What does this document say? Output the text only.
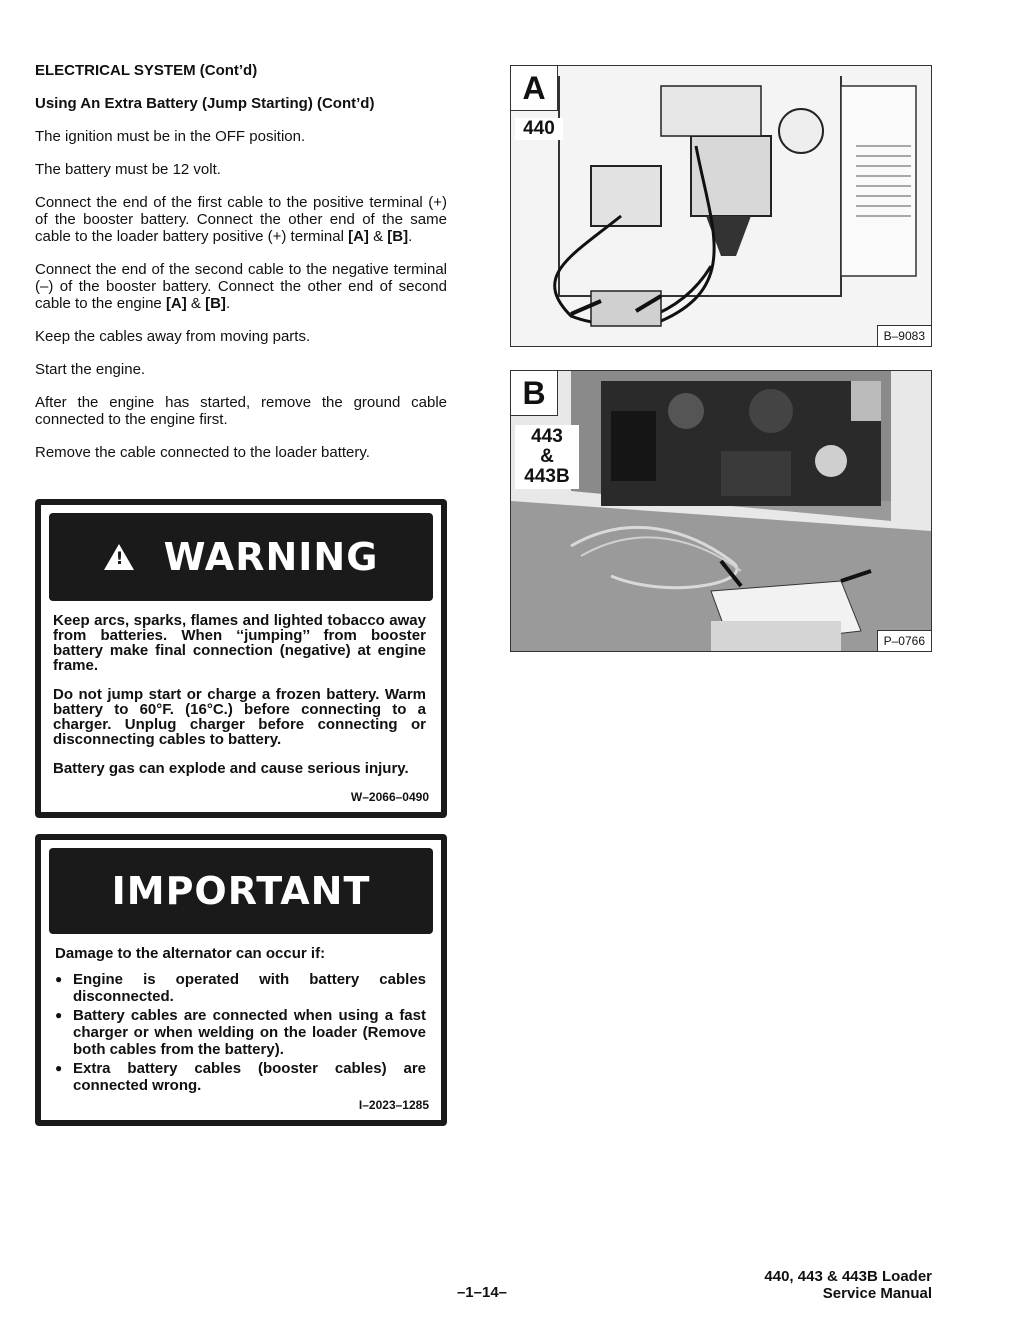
ELECTRICAL SYSTEM (Cont’d)
Using An Extra Battery (Jump Starting) (Cont’d)

The ignition must be in the OFF position.

The battery must be 12 volt.

Connect the end of the first cable to the positive terminal (+) of the booster battery. Connect the other end of the same cable to the loader battery positive (+) terminal [A] & [B].

Connect the end of the second cable to the negative terminal (–) of the booster battery. Connect the other end of second cable to the engine [A] & [B].

Keep the cables away from moving parts.

Start the engine.

After the engine has started, remove the ground cable connected to the engine first.

Remove the cable connected to the loader battery.

!
WARNING

Keep arcs, sparks, flames and lighted tobacco away from batteries. When ‘‘jumping’’ from booster battery make final connection (negative) at engine frame.

Do not jump start or charge a frozen battery. Warm battery to 60°F. (16°C.) before connecting to a charger. Unplug charger before connecting or disconnecting cables to battery.

Battery gas can explode and cause serious injury.

W–2066–0490
IMPORTANT

Damage to the alternator can occur if:

● Engine is operated with battery cables disconnected.
● Battery cables are connected when using a fast charger or when welding on the loader (Remove both cables from the battery).
● Extra battery cables (booster cables) are connected wrong.
I–2023–1285
A
440
B–9083
B
443
&
443B
P–0766
–1–14–
440, 443 & 443B Loader
Service Manual
